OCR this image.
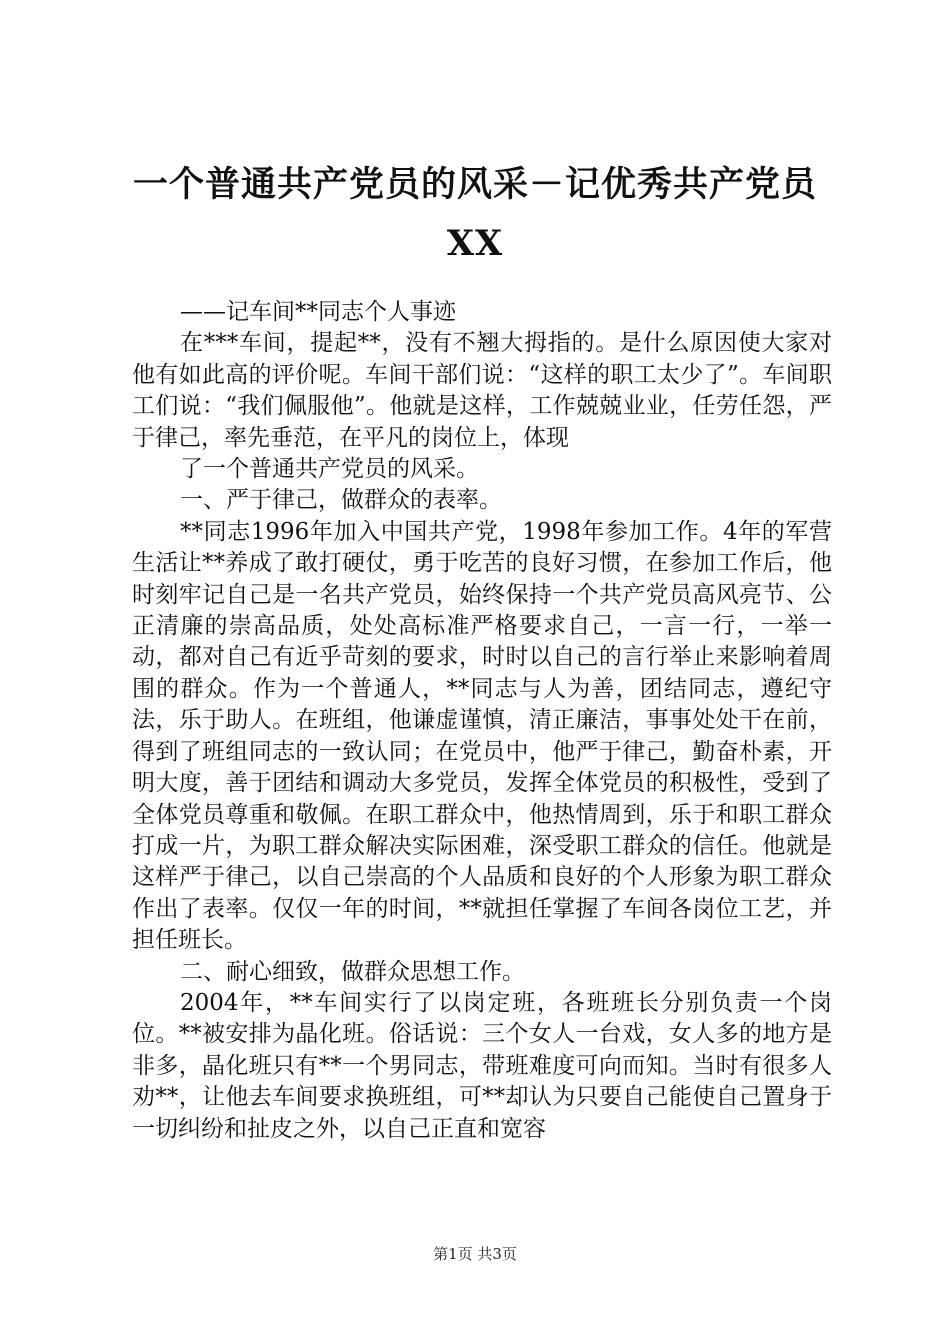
一个普通共产党员的风采－记优秀共产党员
XX

——记车间**同志个人事迹

在***车间，提起**，没有不翘大拇指的。是什么原因使大家对他有如此高的评价呢。车间干部们说：“这样的职工太少了”。车间职工们说：“我们佩服他”。他就是这样，工作兢兢业业，任劳任怨，严于律己，率先垂范，在平凡的岗位上，体现

了一个普通共产党员的风采。

一、严于律己，做群众的表率。

**同志1996年加入中国共产党，1998年参加工作。4年的军营生活让**养成了敢打硬仗，勇于吃苦的良好习惯，在参加工作后，他时刻牢记自己是一名共产党员，始终保持一个共产党员高风亮节、公正清廉的崇高品质，处处高标准严格要求自己，一言一行，一举一动，都对自己有近乎苛刻的要求，时时以自己的言行举止来影响着周围的群众。作为一个普通人，**同志与人为善，团结同志，遵纪守法，乐于助人。在班组，他谦虚谨慎，清正廉洁，事事处处干在前，得到了班组同志的一致认同；在党员中，他严于律己，勤奋朴素，开明大度，善于团结和调动大多党员，发挥全体党员的积极性，受到了全体党员尊重和敬佩。在职工群众中，他热情周到，乐于和职工群众打成一片，为职工群众解决实际困难，深受职工群众的信任。他就是这样严于律己，以自己崇高的个人品质和良好的个人形象为职工群众作出了表率。仅仅一年的时间，**就担任掌握了车间各岗位工艺，并担任班长。

二、耐心细致，做群众思想工作。

2004年，**车间实行了以岗定班，各班班长分别负责一个岗位。**被安排为晶化班。俗话说：三个女人一台戏，女人多的地方是非多，晶化班只有**一个男同志，带班难度可向而知。当时有很多人劝**，让他去车间要求换班组，可**却认为只要自己能使自己置身于一切纠纷和扯皮之外，以自己正直和宽容

第1页 共3页
